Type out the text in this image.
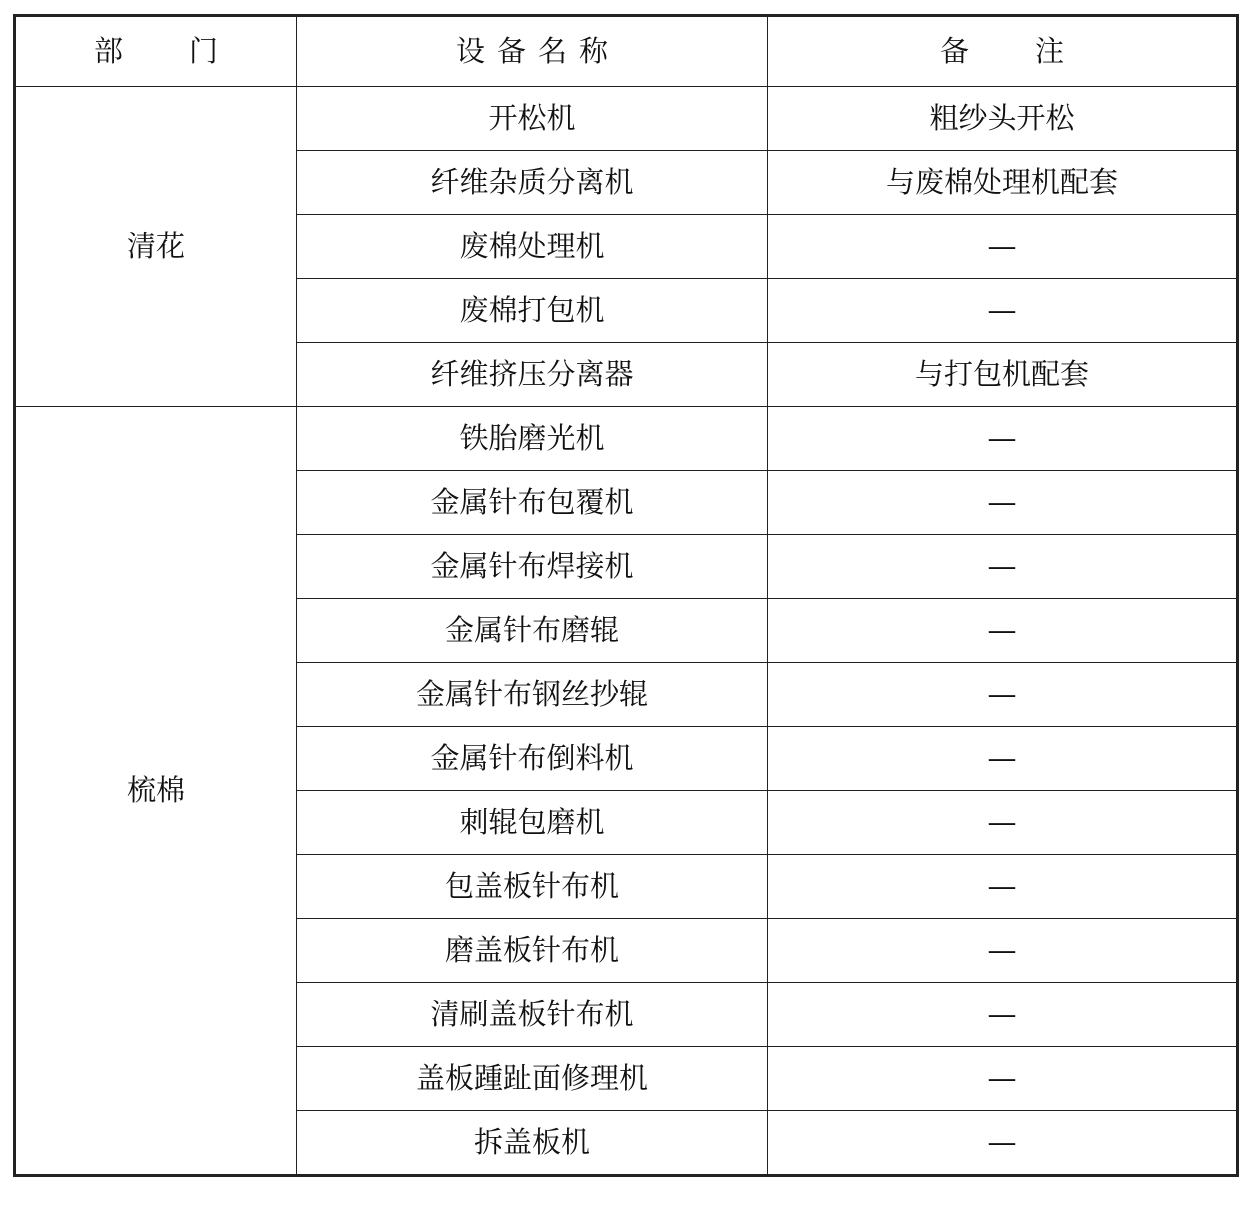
部门	设备名称	备注
清花	开松机	粗纱头开松
	纤维杂质分离机	与废棉处理机配套
	废棉处理机	—
	废棉打包机	—
	纤维挤压分离器	与打包机配套
梳棉	铁胎磨光机	—
	金属针布包覆机	—
	金属针布焊接机	—
	金属针布磨辊	—
	金属针布钢丝抄辊	—
	金属针布倒料机	—
	刺辊包磨机	—
	包盖板针布机	—
	磨盖板针布机	—
	清刷盖板针布机	—
	盖板踵趾面修理机	—
	拆盖板机	—
